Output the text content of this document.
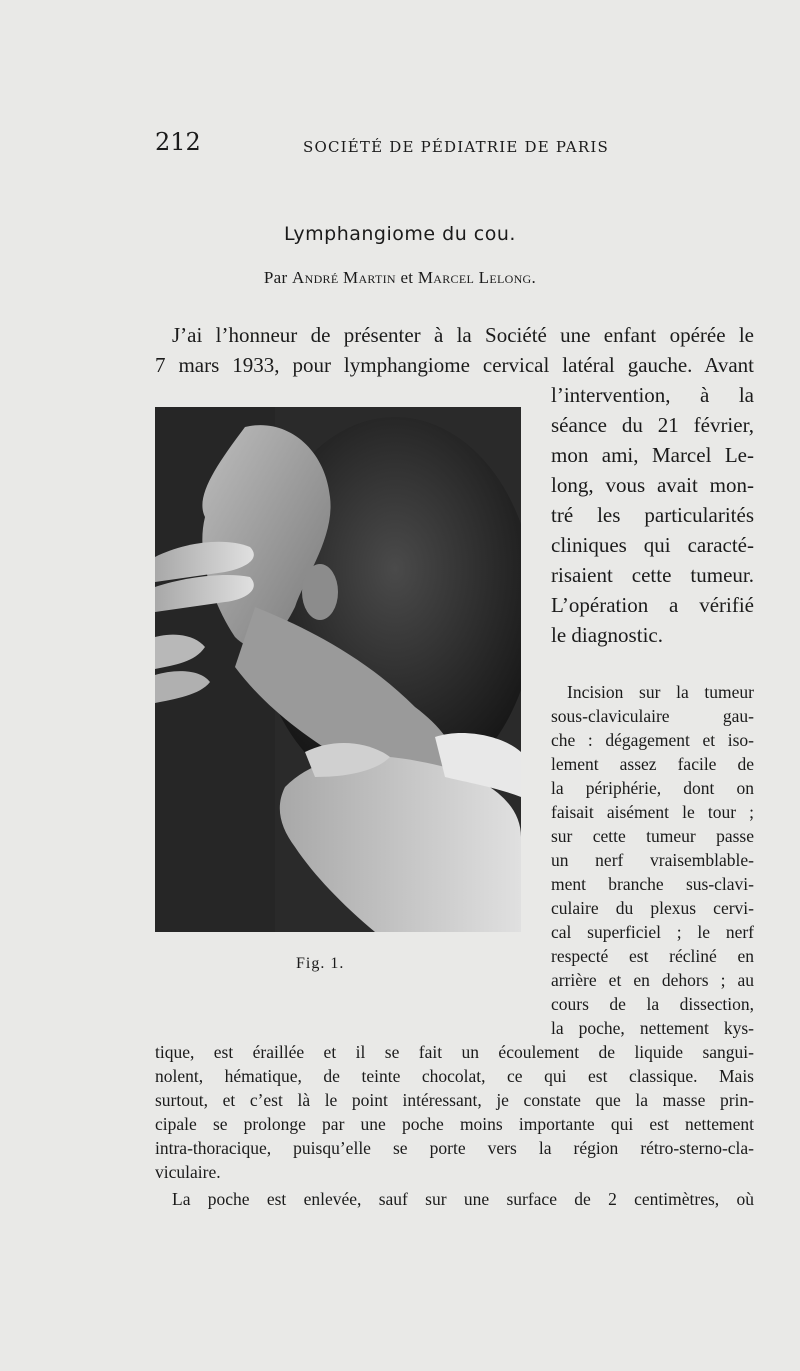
212	SOCIÉTÉ DE PÉDIATRIE DE PARIS
Lymphangiome du cou.
Par André Martin et Marcel Lelong.
J’ai l’honneur de présenter à la Société une enfant opérée le
7 mars 1933, pour lymphangiome cervical latéral gauche. Avant
l’intervention, à la
séance du 21 février,
mon ami, Marcel Le-
long, vous avait mon-
tré les particularités
cliniques qui caracté-
risaient cette tumeur.
L’opération a vérifié
le diagnostic.
Incision sur la tumeur
sous-claviculaire gau-
che : dégagement et iso-
lement assez facile de
la périphérie, dont on
faisait aisément le tour ;
sur cette tumeur passe
un nerf vraisemblable-
ment branche sus-clavi-
culaire du plexus cervi-
cal superficiel ; le nerf
respecté est récliné en
arrière et en dehors ; au
cours de la dissection,
la poche, nettement kys-
Fig. 1.
tique, est éraillée et il se fait un écoulement de liquide sangui-
nolent, hématique, de teinte chocolat, ce qui est classique. Mais
surtout, et c’est là le point intéressant, je constate que la masse prin-
cipale se prolonge par une poche moins importante qui est nettement
intra-thoracique, puisqu’elle se porte vers la région rétro-sterno-cla-
viculaire.
La poche est enlevée, sauf sur une surface de 2 centimètres, où
